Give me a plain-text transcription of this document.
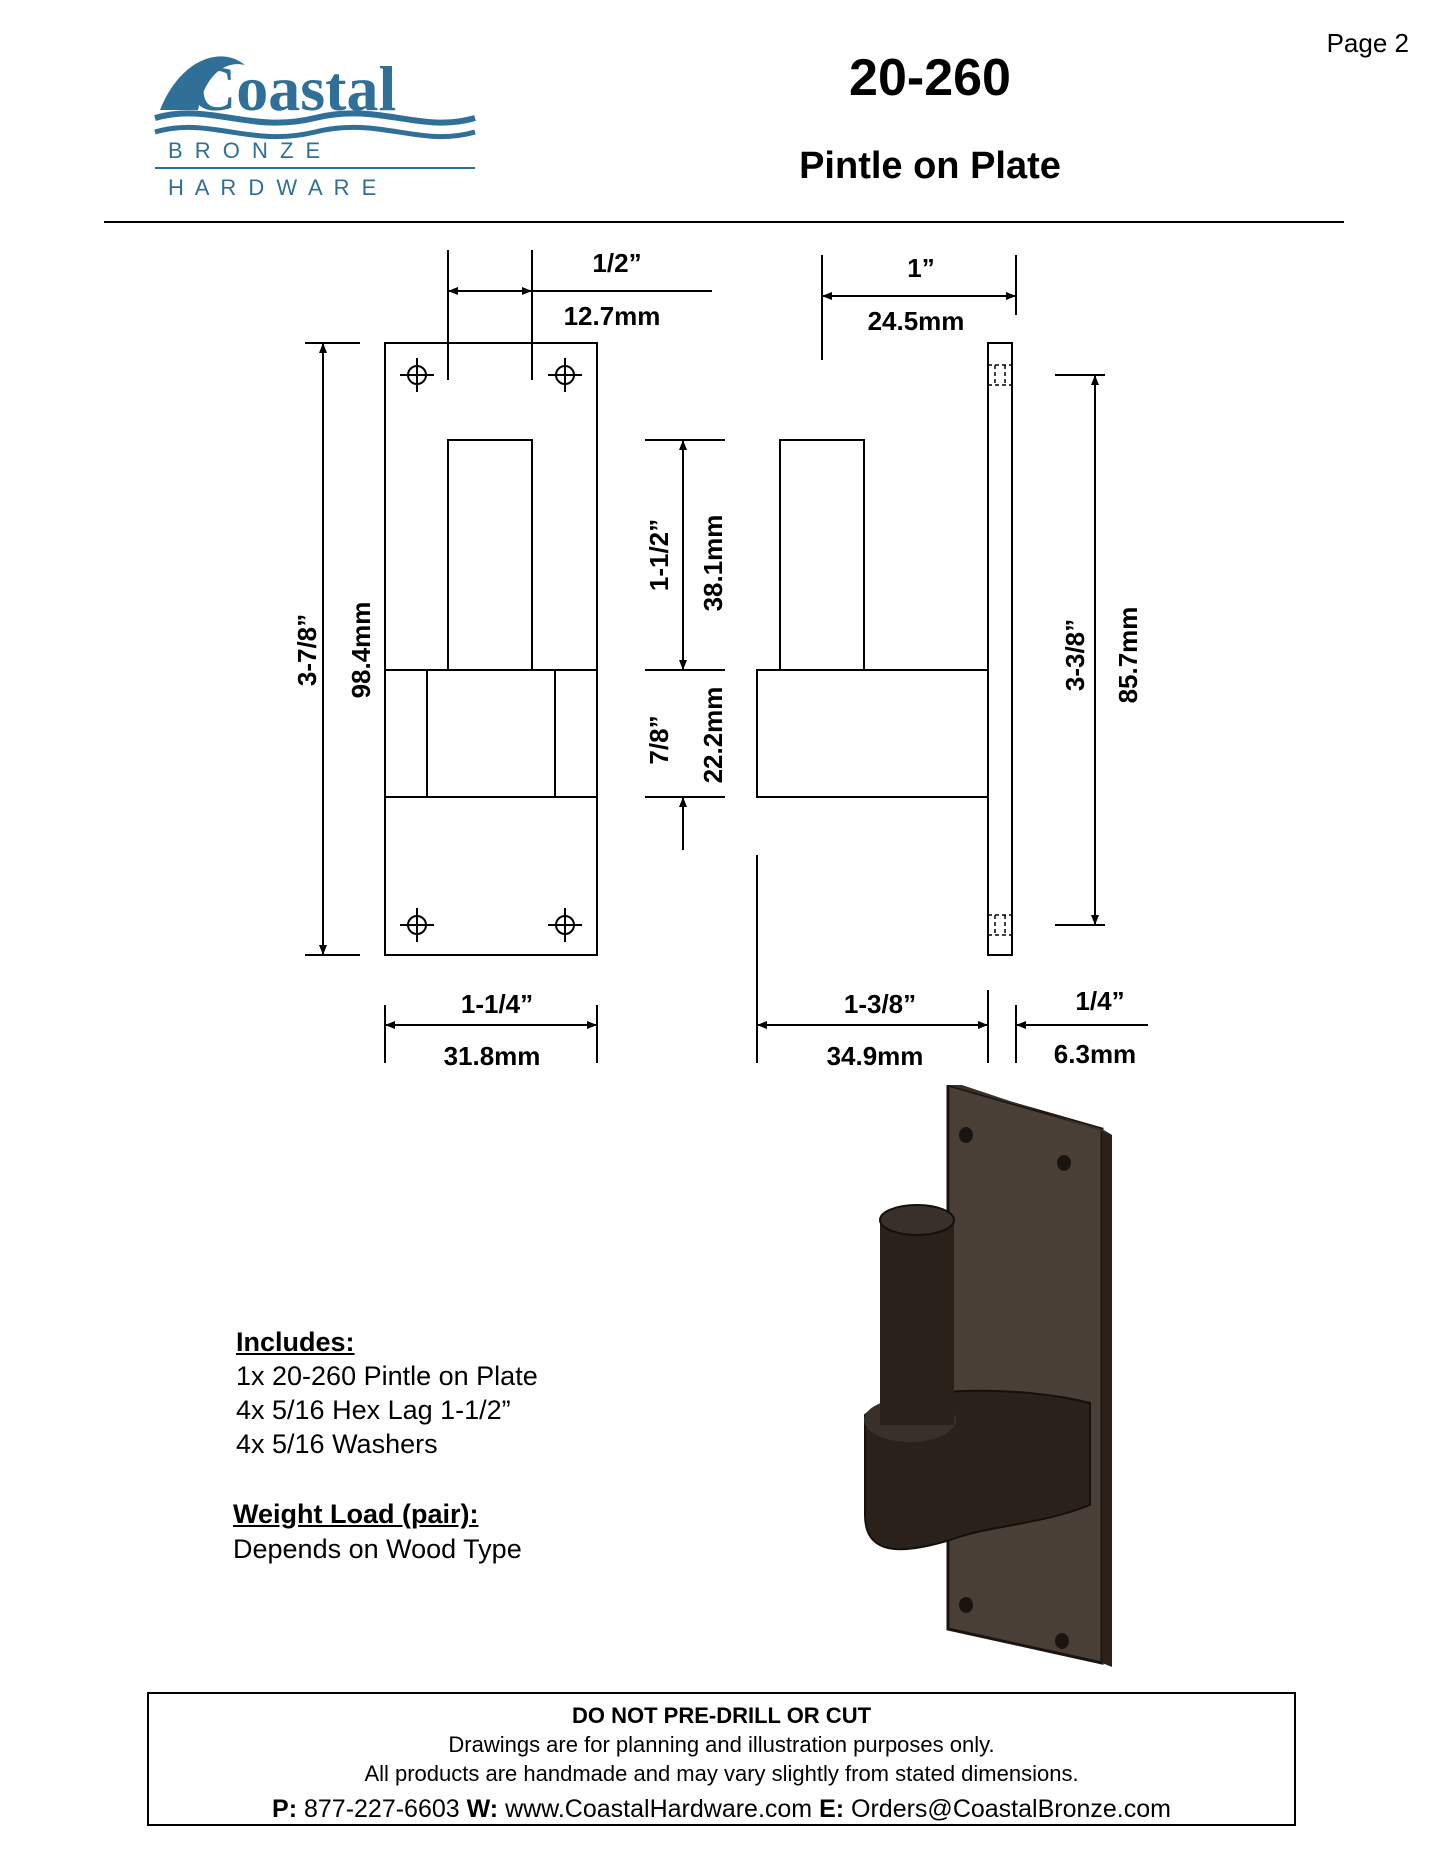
Page 2
Coastal
B R O N Z E
H A R D W A R E
20-260
Pintle on Plate
1/2”
12.7mm
1”
24.5mm
3-7/8” 98.4mm
1-1/2” 38.1mm
7/8” 22.2mm
3-3/8” 85.7mm
1-1/4”
31.8mm
1-3/8”
34.9mm
1/4”
6.3mm
Includes:
1x 20-260 Pintle on Plate
4x 5/16 Hex Lag 1-1/2”
4x 5/16 Washers
Weight Load (pair):
Depends on Wood Type
DO NOT PRE-DRILL OR CUT
Drawings are for planning and illustration purposes only.
All products are handmade and may vary slightly from stated dimensions.
P: 877-227-6603 W: www.CoastalHardware.com E: Orders@CoastalBronze.com
